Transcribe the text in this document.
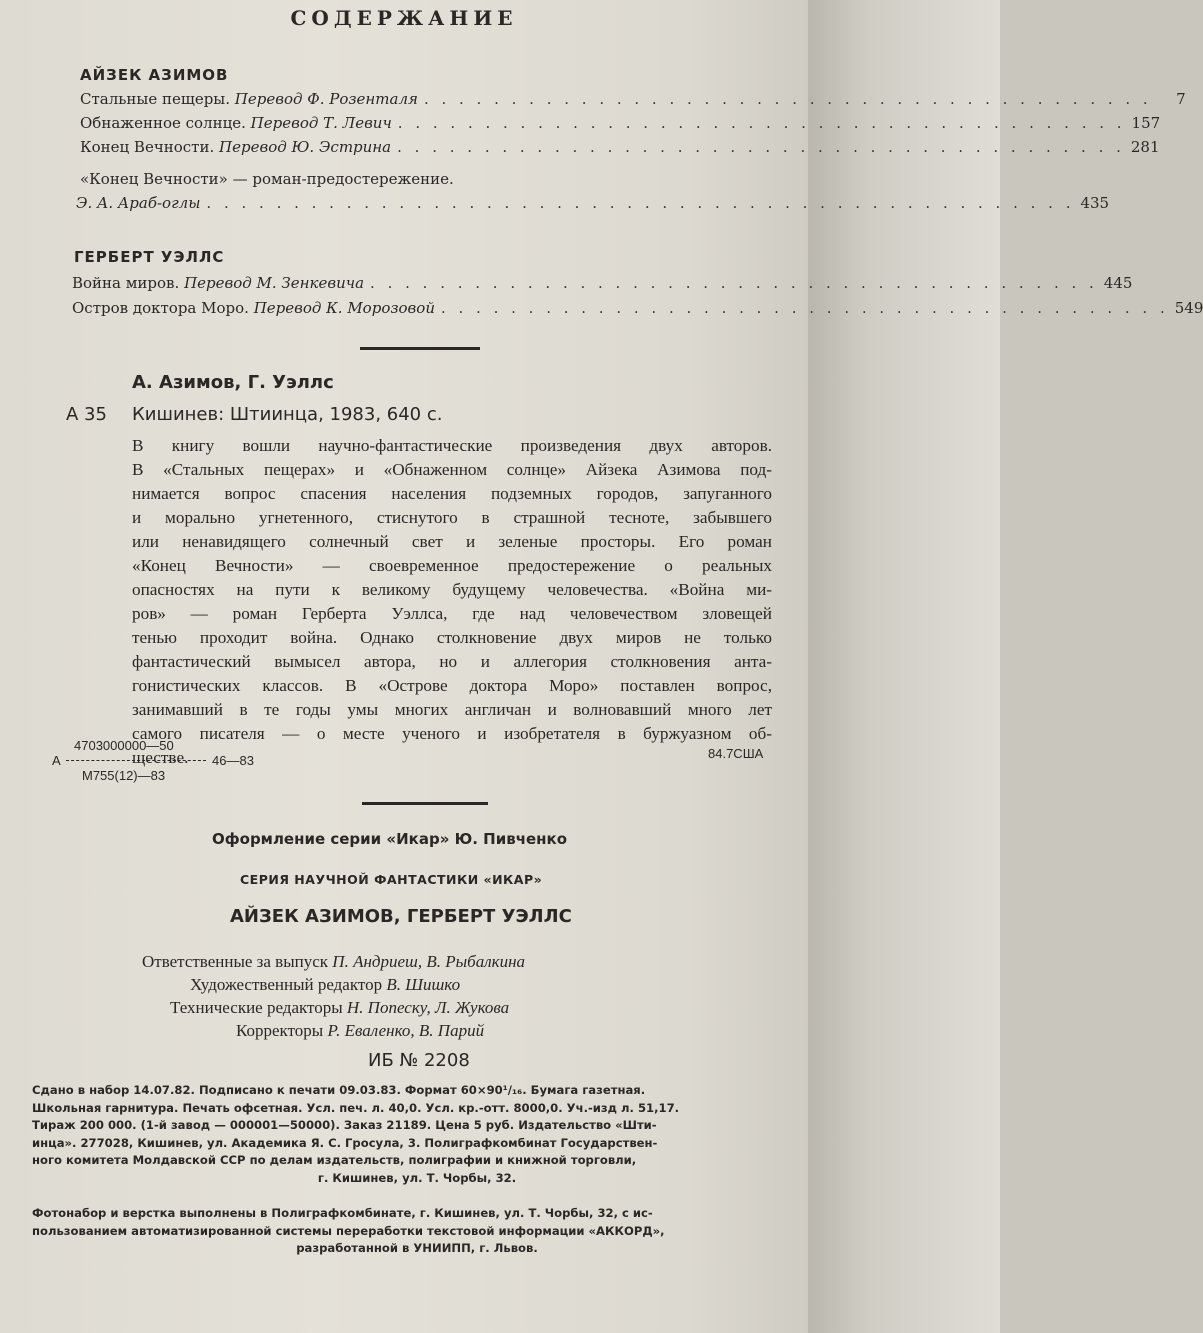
СОДЕРЖАНИЕ
АЙЗЕК АЗИМОВ
Стальные пещеры.
Перевод Ф. Розенталя . . . . . . . . . . . . . . . . . . . . . . . . . . . . . . . . . . . . . . . . . .	7
Обнаженное солнце.
Перевод Т. Левич . . . . . . . . . . . . . . . . . . . . . . . . . . . . . . . . . . . . . . . . . . 157
Конец Вечности.
Перевод Ю. Эстрина . . . . . . . . . . . . . . . . . . . . . . . . . . . . . . . . . . . . . . . . . . 281
«Конец Вечности» — роман-предостережение.
Э. А. Араб-оглы . . . . . . . . . . . . . . . . . . . . . . . . . . . . . . . . . . . . . . . . . . . . . . . . . . 435
ГЕРБЕРТ УЭЛЛС
Война миров.
Перевод М. Зенкевича . . . . . . . . . . . . . . . . . . . . . . . . . . . . . . . . . . . . . . . . . . 445
Остров доктора Моро.
Перевод К. Морозовой . . . . . . . . . . . . . . . . . . . . . . . . . . . . . . . . . . . . . . . . . . 549
А. Азимов, Г. Уэллс
А 35 Кишинев: Штиинца, 1983, 640 с.
В книгу вошли научно-фантастические произведения двух авторов.
В «Стальных пещерах» и «Обнаженном солнце» Айзека Азимова под-
нимается вопрос спасения населения подземных городов, запуганного
и морально угнетенного, стиснутого в страшной тесноте, забывшего
или ненавидящего солнечный свет и зеленые просторы. Его роман
«Конец Вечности» — своевременное предостережение о реальных
опасностях на пути к великому будущему человечества. «Война ми-
ров» — роман Герберта Уэллса, где над человечеством зловещей
тенью проходит война. Однако столкновение двух миров не только
фантастический вымысел автора, но и аллегория столкновения анта-
гонистических классов. В «Острове доктора Моро» поставлен вопрос,
занимавший в те годы умы многих англичан и волновавший много лет
самого писателя — о месте ученого и изобретателя в буржуазном об-
ществе.
4703000000—50
А	46—83
М755(12)—83
84.7США
Оформление серии «Икар» Ю. Пивченко
СЕРИЯ НАУЧНОЙ ФАНТАСТИКИ «ИКАР»
АЙЗЕК АЗИМОВ, ГЕРБЕРТ УЭЛЛС
Ответственные за выпуск П. Андриеш, В. Рыбалкина
Художественный редактор В. Шишко
Технические редакторы Н. Попеску, Л. Жукова
Корректоры Р. Еваленко, В. Парий
ИБ № 2208
Сдано в набор 14.07.82. Подписано к печати 09.03.83. Формат 60×90¹/₁₆. Бумага газетная.
Школьная гарнитура. Печать офсетная. Усл. печ. л. 40,0. Усл. кр.-отт. 8000,0. Уч.-изд л. 51,17.
Тираж 200 000. (1-й завод — 000001—50000). Заказ 21189. Цена 5 руб. Издательство «Шти-
инца». 277028, Кишинев, ул. Академика Я. С. Гросула, 3. Полиграфкомбинат Государствен-
ного комитета Молдавской ССР по делам издательств, полиграфии и книжной торговли,
г. Кишинев, ул. Т. Чорбы, 32.
Фотонабор и верстка выполнены в Полиграфкомбинате, г. Кишинев, ул. Т. Чорбы, 32, с ис-
пользованием автоматизированной системы переработки текстовой информации «АККОРД»,
разработанной в УНИИПП, г. Львов.
